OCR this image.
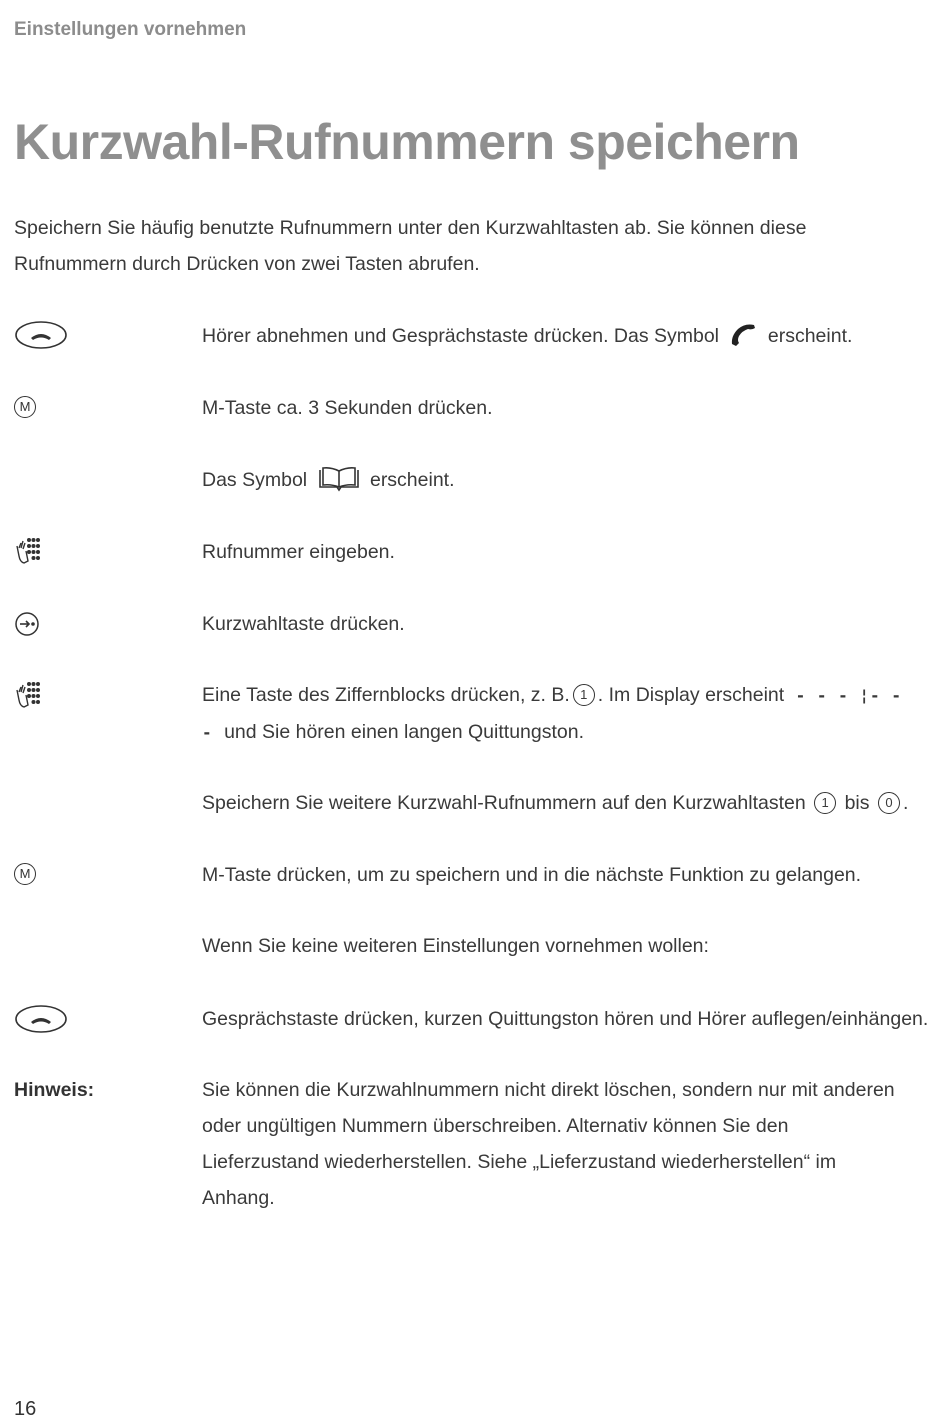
Einstellungen vornehmen
Kurzwahl-Rufnummern speichern

Speichern Sie häufig benutzte Rufnummern unter den Kurzwahltasten ab. Sie können diese Rufnummern durch Drücken von zwei Tasten abrufen.

Hörer abnehmen und Gesprächstaste drücken. Das Symbol	erscheint.

M	M-Taste ca. 3 Sekunden drücken.

Das Symbol	erscheint.

Rufnummer eingeben.

Kurzwahltaste drücken.

Eine Taste des Ziffernblocks drücken, z. B. 1 . Im Display erscheint - - - ¦- - - und Sie hören einen langen Quittungston.

Speichern Sie weitere Kurzwahl-Rufnummern auf den Kurzwahltasten 1 bis 0 .

M	M-Taste drücken, um zu speichern und in die nächste Funktion zu gelangen.

Wenn Sie keine weiteren Einstellungen vornehmen wollen:

Gesprächstaste drücken, kurzen Quittungston hören und Hörer auflegen/einhängen.

Hinweis:	Sie können die Kurzwahlnummern nicht direkt löschen, sondern nur mit anderen oder ungültigen Nummern überschreiben. Alternativ können Sie den Lieferzustand wiederherstellen. Siehe „Lieferzustand wiederherstellen“ im Anhang.

16
